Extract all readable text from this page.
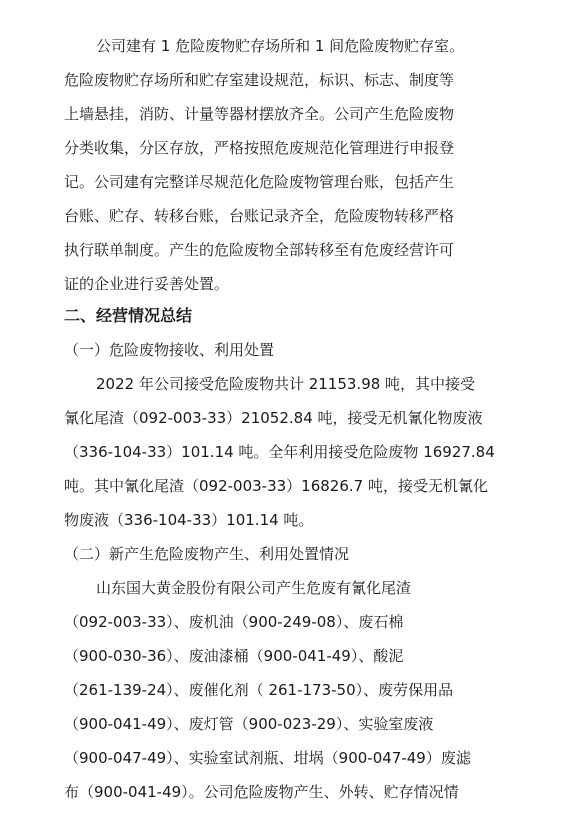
公司建有 1 危险废物贮存场所和 1 间危险废物贮存室。
危险废物贮存场所和贮存室建设规范，标识、标志、制度等
上墙悬挂，消防、计量等器材摆放齐全。公司产生危险废物
分类收集，分区存放，严格按照危废规范化管理进行申报登
记。公司建有完整详尽规范化危险废物管理台账，包括产生
台账、贮存、转移台账，台账记录齐全，危险废物转移严格
执行联单制度。产生的危险废物全部转移至有危废经营许可
证的企业进行妥善处置。
二、经营情况总结
（一）危险废物接收、利用处置
2022 年公司接受危险废物共计 21153.98 吨，其中接受
氰化尾渣（092-003-33）21052.84 吨，接受无机氰化物废液
（336-104-33）101.14 吨。全年利用接受危险废物 16927.84
吨。其中氰化尾渣（092-003-33）16826.7 吨，接受无机氰化
物废液（336-104-33）101.14 吨。
（二）新产生危险废物产生、利用处置情况
山东国大黄金股份有限公司产生危废有氰化尾渣
（092-003-33）、废机油（900-249-08）、废石棉
（900-030-36）、废油漆桶（900-041-49）、酸泥
（261-139-24）、废催化剂（ 261-173-50）、废劳保用品
（900-041-49）、废灯管（900-023-29）、实验室废液
（900-047-49）、实验室试剂瓶、坩埚（900-047-49）废滤
布（900-041-49）。公司危险废物产生、外转、贮存情况情
